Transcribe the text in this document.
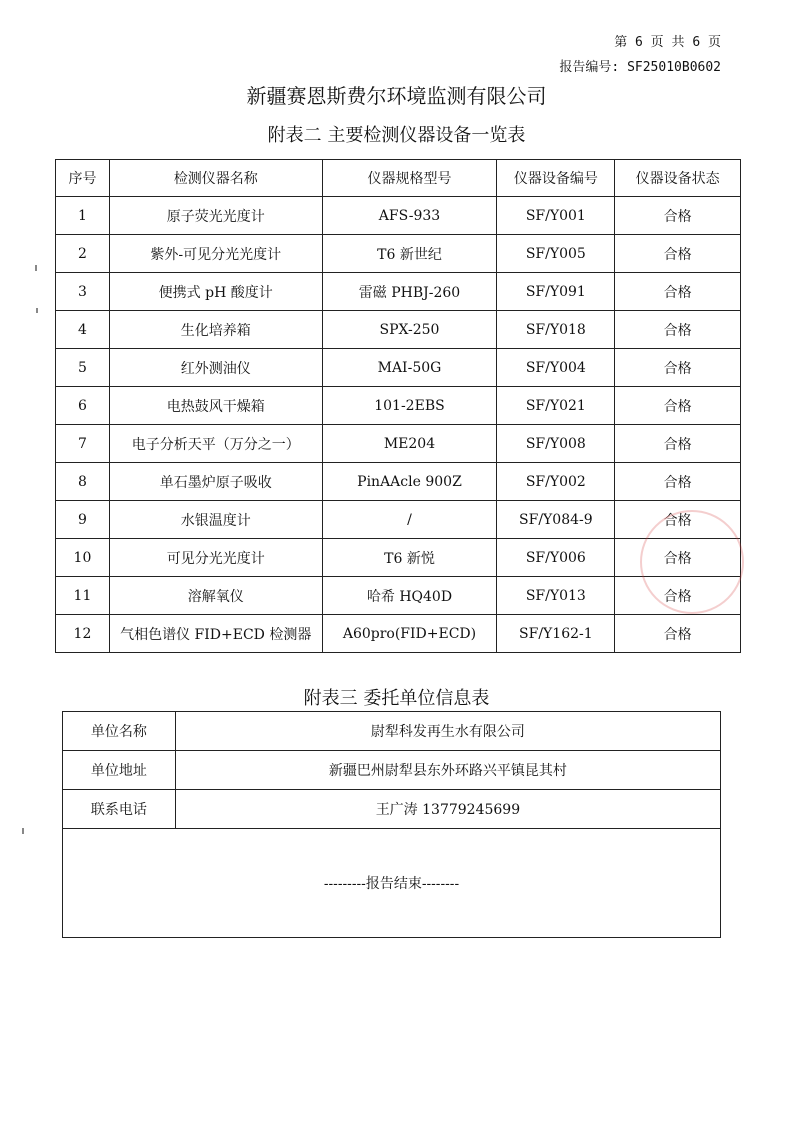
第 6 页 共 6 页
报告编号: SF25010B0602
新疆赛恩斯费尔环境监测有限公司
附表二 主要检测仪器设备一览表
序号	检测仪器名称	仪器规格型号	仪器设备编号	仪器设备状态
1	原子荧光光度计	AFS-933	SF/Y001	合格
2	紫外-可见分光光度计	T6 新世纪	SF/Y005	合格
3	便携式 pH 酸度计	雷磁 PHBJ-260	SF/Y091	合格
4	生化培养箱	SPX-250	SF/Y018	合格
5	红外测油仪	MAI-50G	SF/Y004	合格
6	电热鼓风干燥箱	101-2EBS	SF/Y021	合格
7	电子分析天平（万分之一）	ME204	SF/Y008	合格
8	单石墨炉原子吸收	PinAAcle 900Z	SF/Y002	合格
9	水银温度计	/	SF/Y084-9	合格
10	可见分光光度计	T6 新悦	SF/Y006	合格
11	溶解氧仪	哈希 HQ40D	SF/Y013	合格
12	气相色谱仪 FID+ECD 检测器	A60pro(FID+ECD)	SF/Y162-1	合格
附表三 委托单位信息表
单位名称	尉犁科发再生水有限公司
单位地址	新疆巴州尉犁县东外环路兴平镇昆其村
联系电话	王广涛 13779245699
---------报告结束--------	
